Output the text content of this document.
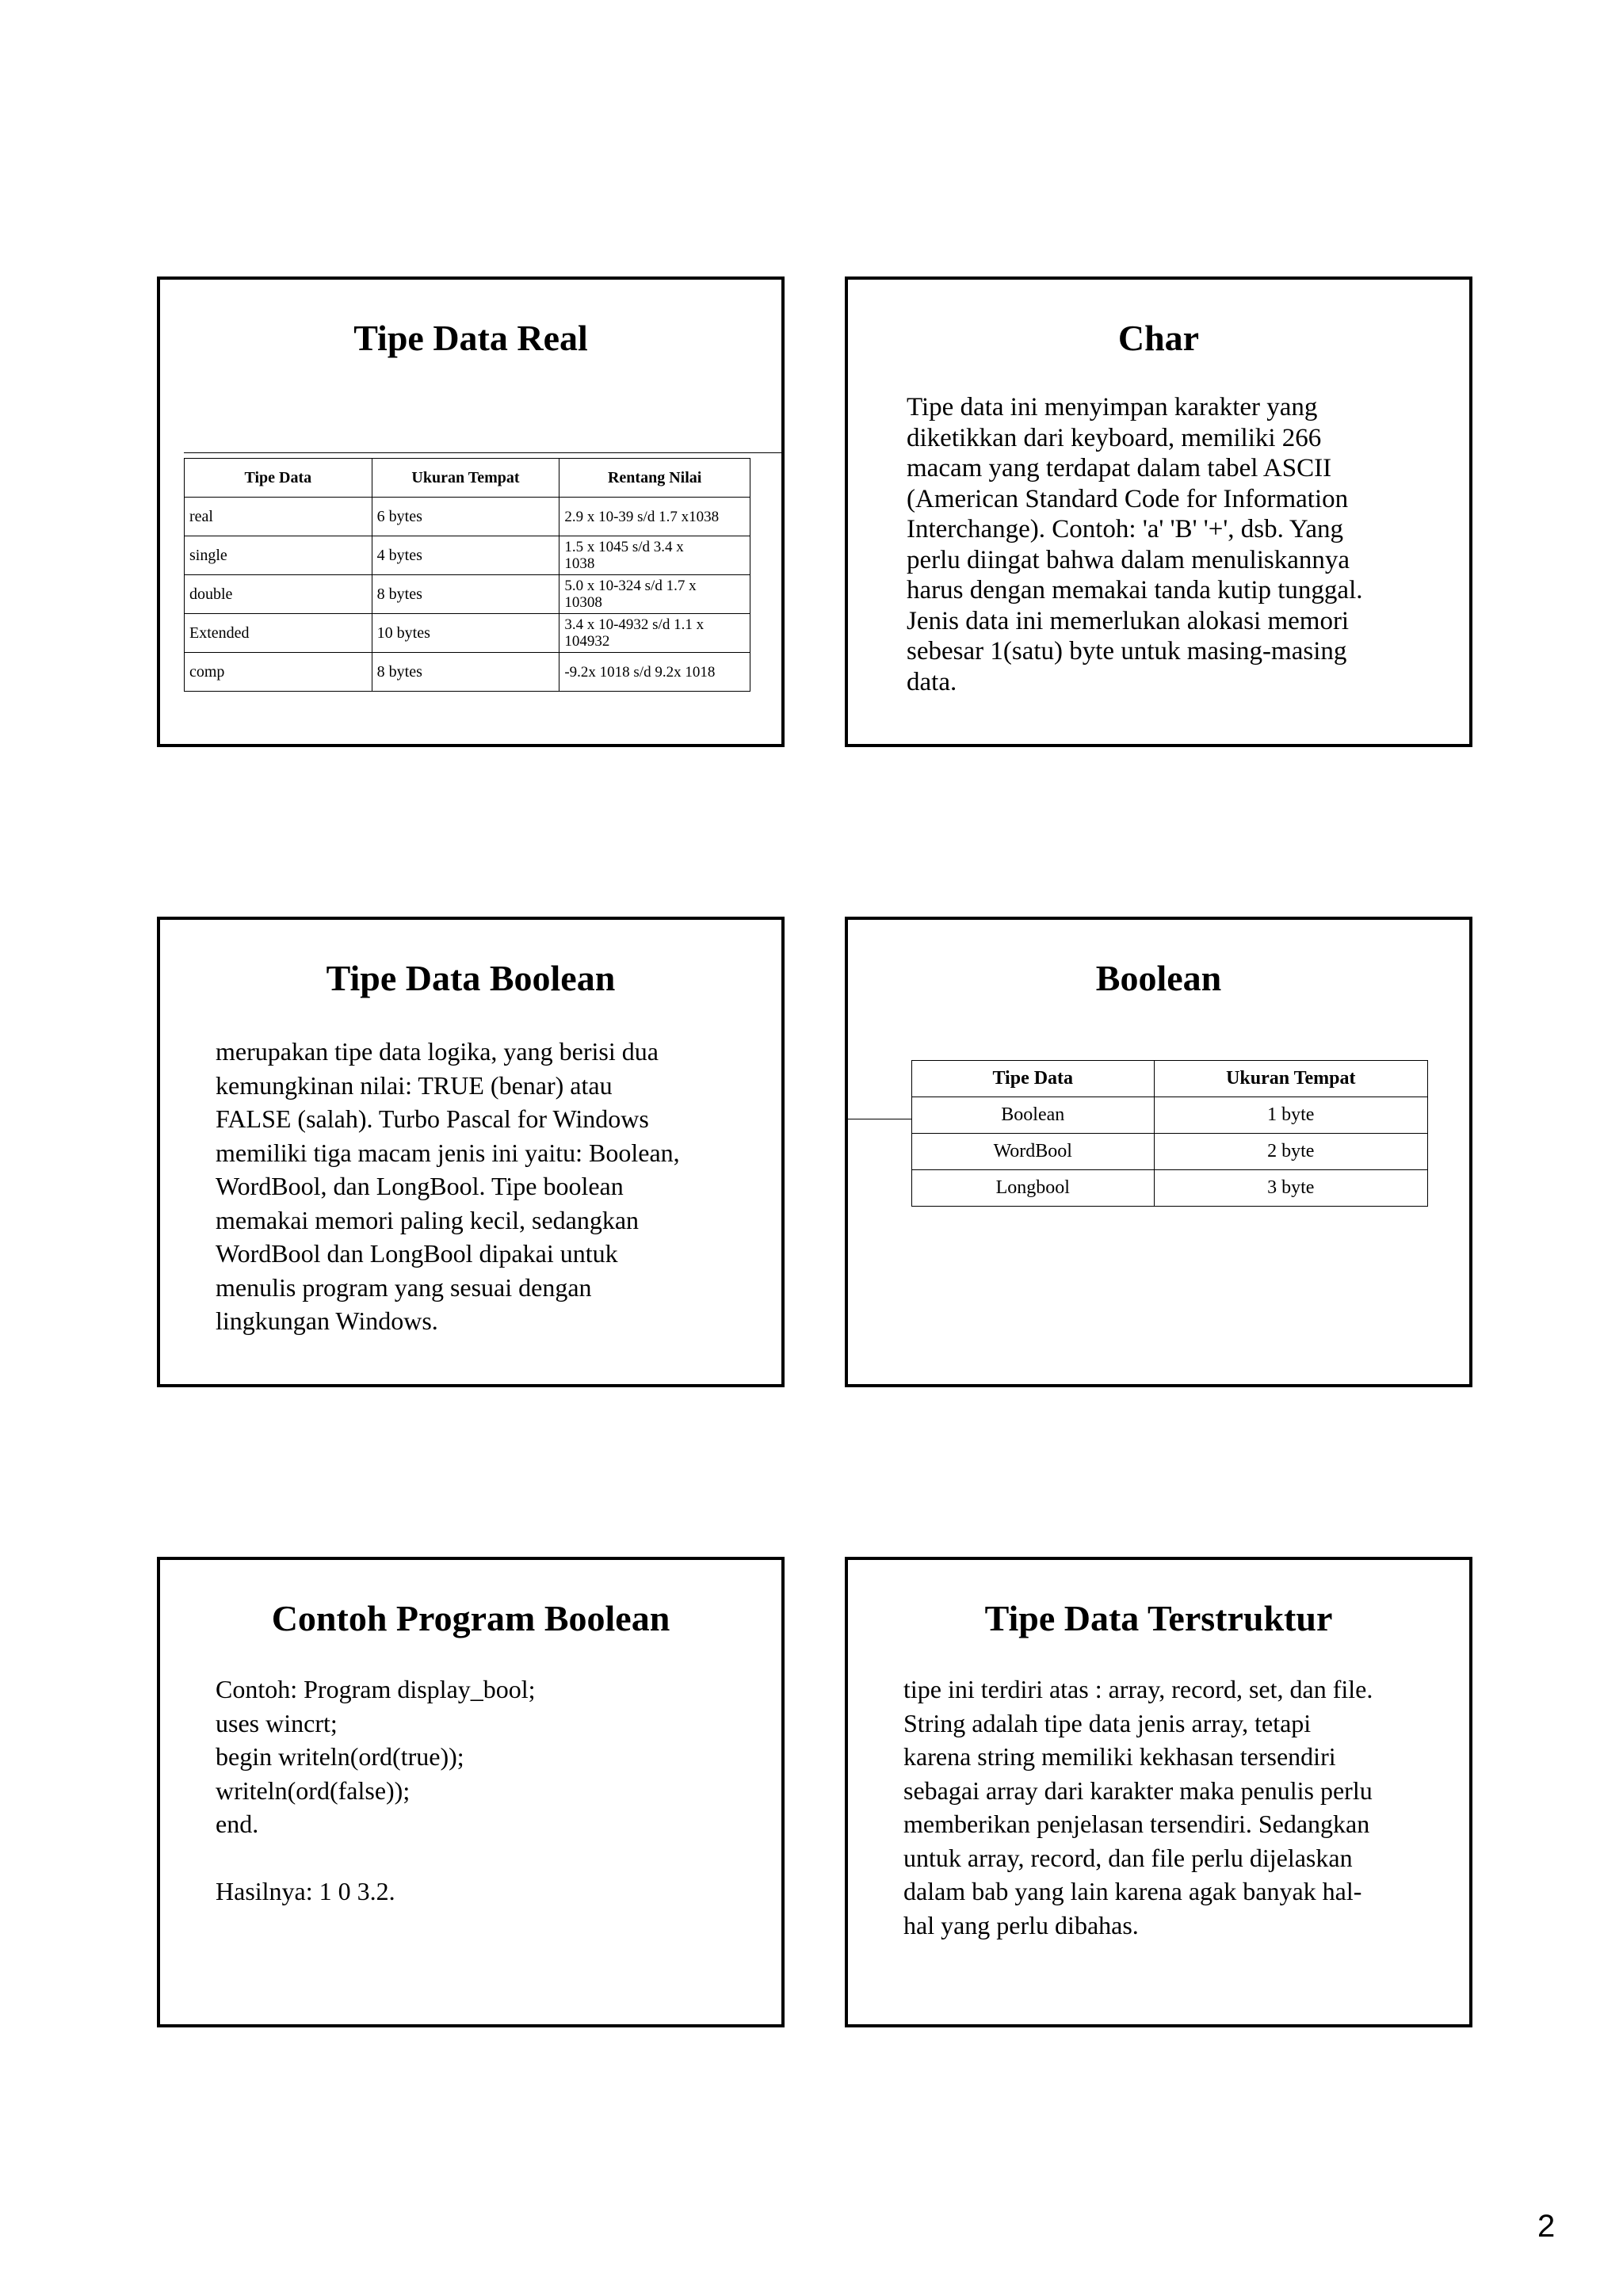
Tipe Data Real
Tipe Data	Ukuran Tempat	Rentang Nilai
real	6 bytes	2.9 x 10-39 s/d 1.7 x1038
single	4 bytes	1.5 x 1045 s/d 3.4 x
1038
double	8 bytes	5.0 x 10-324 s/d 1.7 x
10308
Extended	10 bytes	3.4 x 10-4932 s/d 1.1 x
104932
comp	8 bytes	-9.2x 1018 s/d 9.2x 1018
Char
Tipe data ini menyimpan karakter yang
diketikkan dari keyboard, memiliki 266
macam yang terdapat dalam tabel ASCII
(American Standard Code for Information
Interchange). Contoh: 'a' 'B' '+', dsb. Yang
perlu diingat bahwa dalam menuliskannya
harus dengan memakai tanda kutip tunggal.
Jenis data ini memerlukan alokasi memori
sebesar 1(satu) byte untuk masing-masing
data.
Tipe Data Boolean
merupakan tipe data logika, yang berisi dua
kemungkinan nilai: TRUE (benar) atau
FALSE (salah). Turbo Pascal for Windows
memiliki tiga macam jenis ini yaitu: Boolean,
WordBool, dan LongBool. Tipe boolean
memakai memori paling kecil, sedangkan
WordBool dan LongBool dipakai untuk
menulis program yang sesuai dengan
lingkungan Windows.
Boolean
Tipe Data	Ukuran Tempat
Boolean	1 byte
WordBool	2 byte
Longbool	3 byte
Contoh Program Boolean
Contoh: Program display_bool;
uses wincrt;
begin writeln(ord(true));
writeln(ord(false));
end.

Hasilnya: 1 0 3.2.
Tipe Data Terstruktur
tipe ini terdiri atas : array, record, set, dan file.
String adalah tipe data jenis array, tetapi
karena string memiliki kekhasan tersendiri
sebagai array dari karakter maka penulis perlu
memberikan penjelasan tersendiri. Sedangkan
untuk array, record, dan file perlu dijelaskan
dalam bab yang lain karena agak banyak hal-
hal yang perlu dibahas.
2
